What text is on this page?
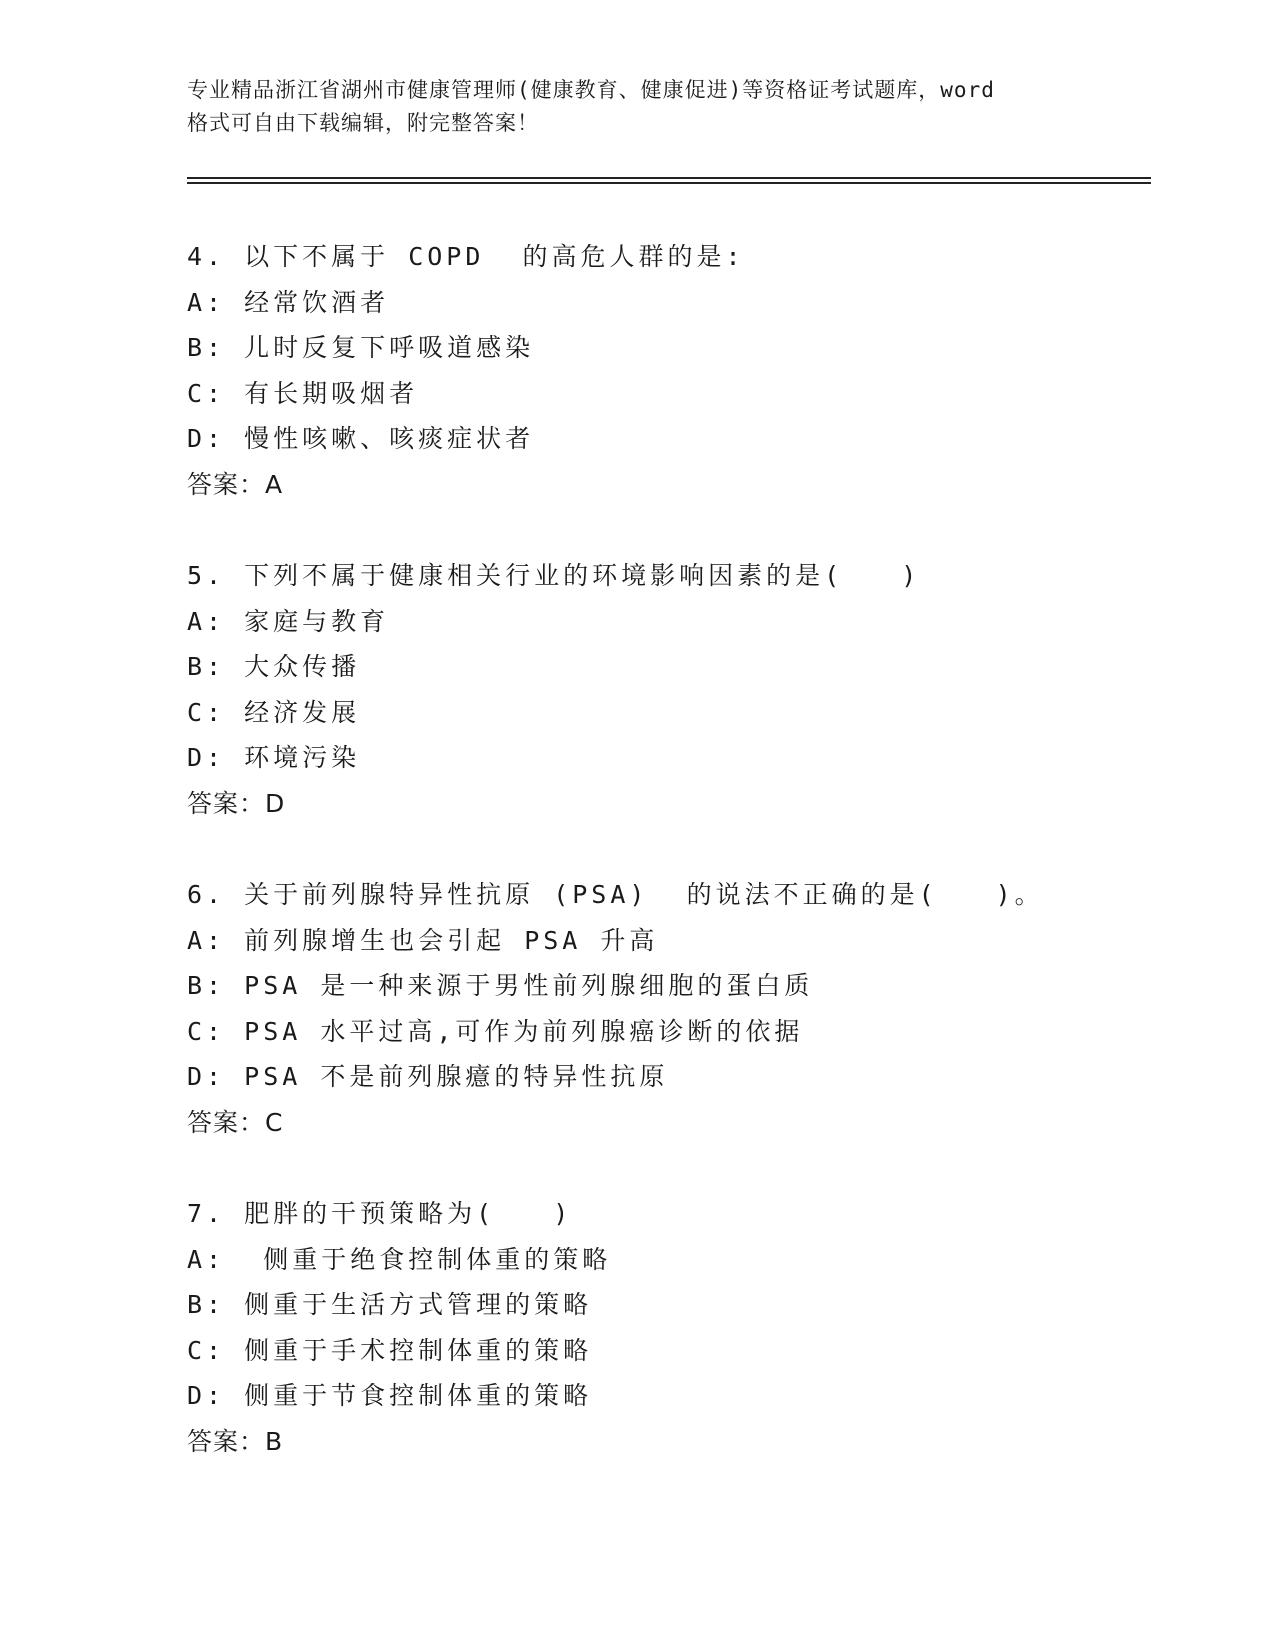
专业精品浙江省湖州市健康管理师(健康教育、健康促进)等资格证考试题库，word
格式可自由下载编辑，附完整答案！
4. 以下不属于 COPD  的高危人群的是:
A: 经常饮酒者
B: 儿时反复下呼吸道感染
C: 有长期吸烟者
D: 慢性咳嗽、咳痰症状者
答案：A
5. 下列不属于健康相关行业的环境影响因素的是(　　)
A: 家庭与教育
B: 大众传播
C: 经济发展
D: 环境污染
答案：D
6. 关于前列腺特异性抗原 (PSA)  的说法不正确的是(　　)。
A: 前列腺增生也会引起 PSA 升高
B: PSA 是一种来源于男性前列腺细胞的蛋白质
C: PSA 水平过高,可作为前列腺癌诊断的依据
D: PSA 不是前列腺癔的特异性抗原
答案：C
7. 肥胖的干预策略为(　　)
A:  侧重于绝食控制体重的策略
B: 侧重于生活方式管理的策略
C: 侧重于手术控制体重的策略
D: 侧重于节食控制体重的策略
答案：B
